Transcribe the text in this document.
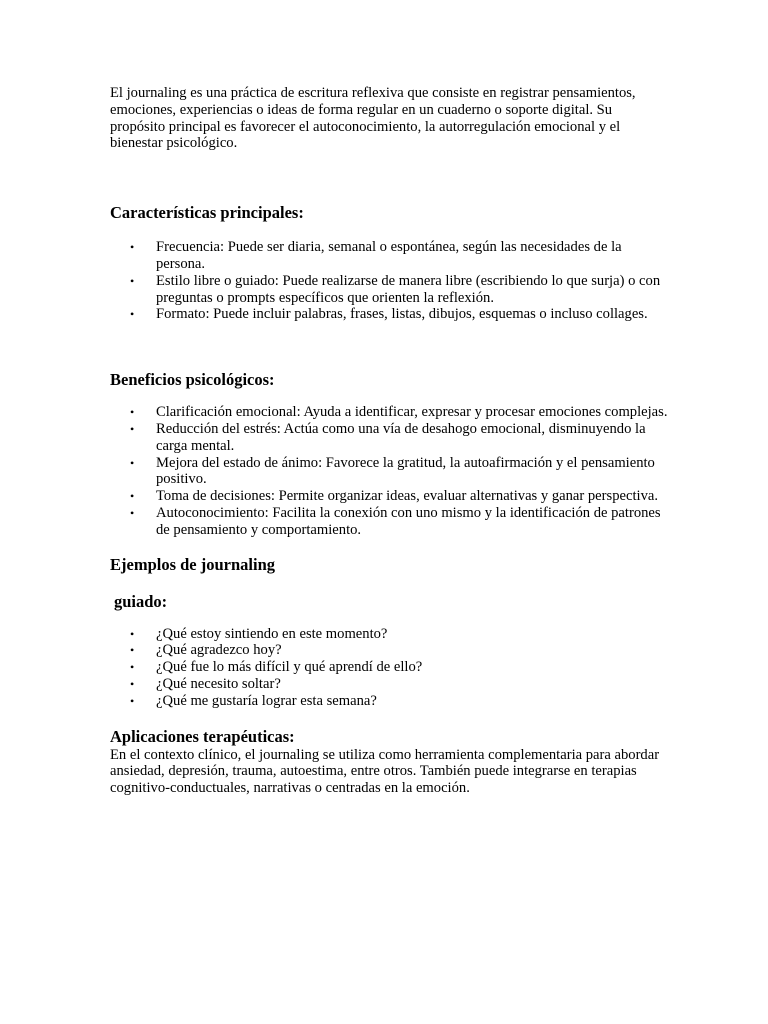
El journaling es una práctica de escritura reflexiva que consiste en registrar pensamientos, emociones, experiencias o ideas de forma regular en un cuaderno o soporte digital. Su propósito principal es favorecer el autoconocimiento, la autorregulación emocional y el bienestar psicológico.

Características principales:
• Frecuencia: Puede ser diaria, semanal o espontánea, según las necesidades de la persona.
• Estilo libre o guiado: Puede realizarse de manera libre (escribiendo lo que surja) o con preguntas o prompts específicos que orienten la reflexión.
• Formato: Puede incluir palabras, frases, listas, dibujos, esquemas o incluso collages.
Beneficios psicológicos:
• Clarificación emocional: Ayuda a identificar, expresar y procesar emociones complejas.
• Reducción del estrés: Actúa como una vía de desahogo emocional, disminuyendo la carga mental.
• Mejora del estado de ánimo: Favorece la gratitud, la autoafirmación y el pensamiento positivo.
• Toma de decisiones: Permite organizar ideas, evaluar alternativas y ganar perspectiva.
• Autoconocimiento: Facilita la conexión con uno mismo y la identificación de patrones de pensamiento y comportamiento.
Ejemplos de journaling
guiado:
• ¿Qué estoy sintiendo en este momento?
• ¿Qué agradezco hoy?
• ¿Qué fue lo más difícil y qué aprendí de ello?
• ¿Qué necesito soltar?
• ¿Qué me gustaría lograr esta semana?
Aplicaciones terapéuticas:

En el contexto clínico, el journaling se utiliza como herramienta complementaria para abordar ansiedad, depresión, trauma, autoestima, entre otros. También puede integrarse en terapias cognitivo-conductuales, narrativas o centradas en la emoción.
